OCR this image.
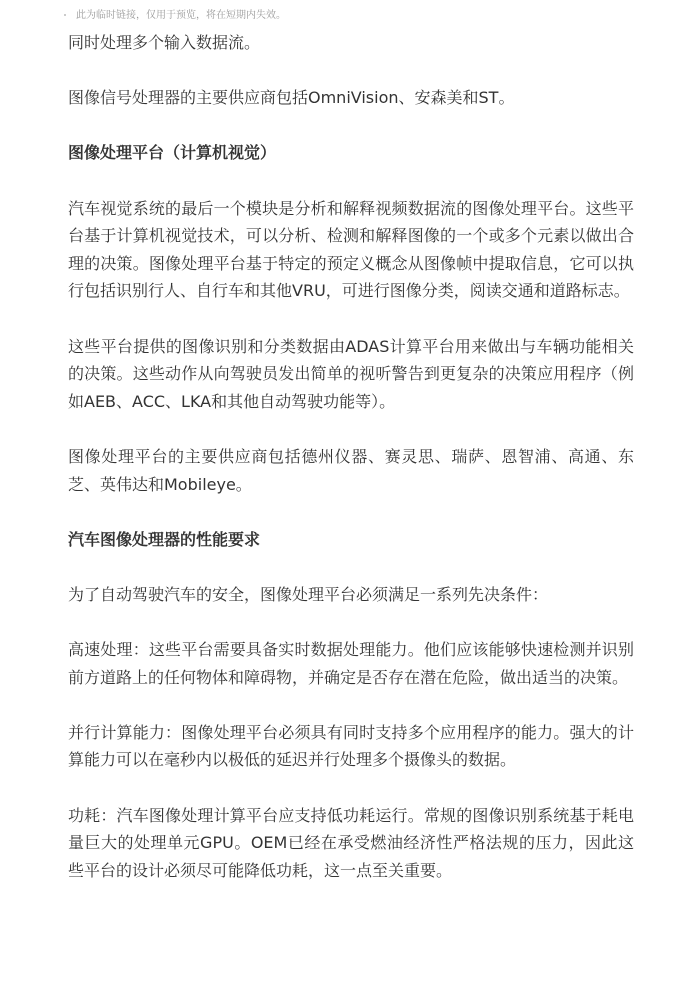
此为临时链接，仅用于预览，将在短期内失效。

同时处理多个输入数据流。

图像信号处理器的主要供应商包括OmniVision、安森美和ST。

图像处理平台（计算机视觉）

汽车视觉系统的最后一个模块是分析和解释视频数据流的图像处理平台。这些平台基于计算机视觉技术，可以分析、检测和解释图像的一个或多个元素以做出合理的决策。图像处理平台基于特定的预定义概念从图像帧中提取信息，它可以执行包括识别行人、自行车和其他VRU，可进行图像分类，阅读交通和道路标志。

这些平台提供的图像识别和分类数据由ADAS计算平台用来做出与车辆功能相关的决策。这些动作从向驾驶员发出简单的视听警告到更复杂的决策应用程序（例如AEB、ACC、LKA和其他自动驾驶功能等）。

图像处理平台的主要供应商包括德州仪器、赛灵思、瑞萨、恩智浦、高通、东芝、英伟达和Mobileye。

汽车图像处理器的性能要求

为了自动驾驶汽车的安全，图像处理平台必须满足一系列先决条件：

高速处理：这些平台需要具备实时数据处理能力。他们应该能够快速检测并识别前方道路上的任何物体和障碍物，并确定是否存在潜在危险，做出适当的决策。

并行计算能力：图像处理平台必须具有同时支持多个应用程序的能力。强大的计算能力可以在毫秒内以极低的延迟并行处理多个摄像头的数据。

功耗：汽车图像处理计算平台应支持低功耗运行。常规的图像识别系统基于耗电量巨大的处理单元GPU。OEM已经在承受燃油经济性严格法规的压力，因此这些平台的设计必须尽可能降低功耗，这一点至关重要。
